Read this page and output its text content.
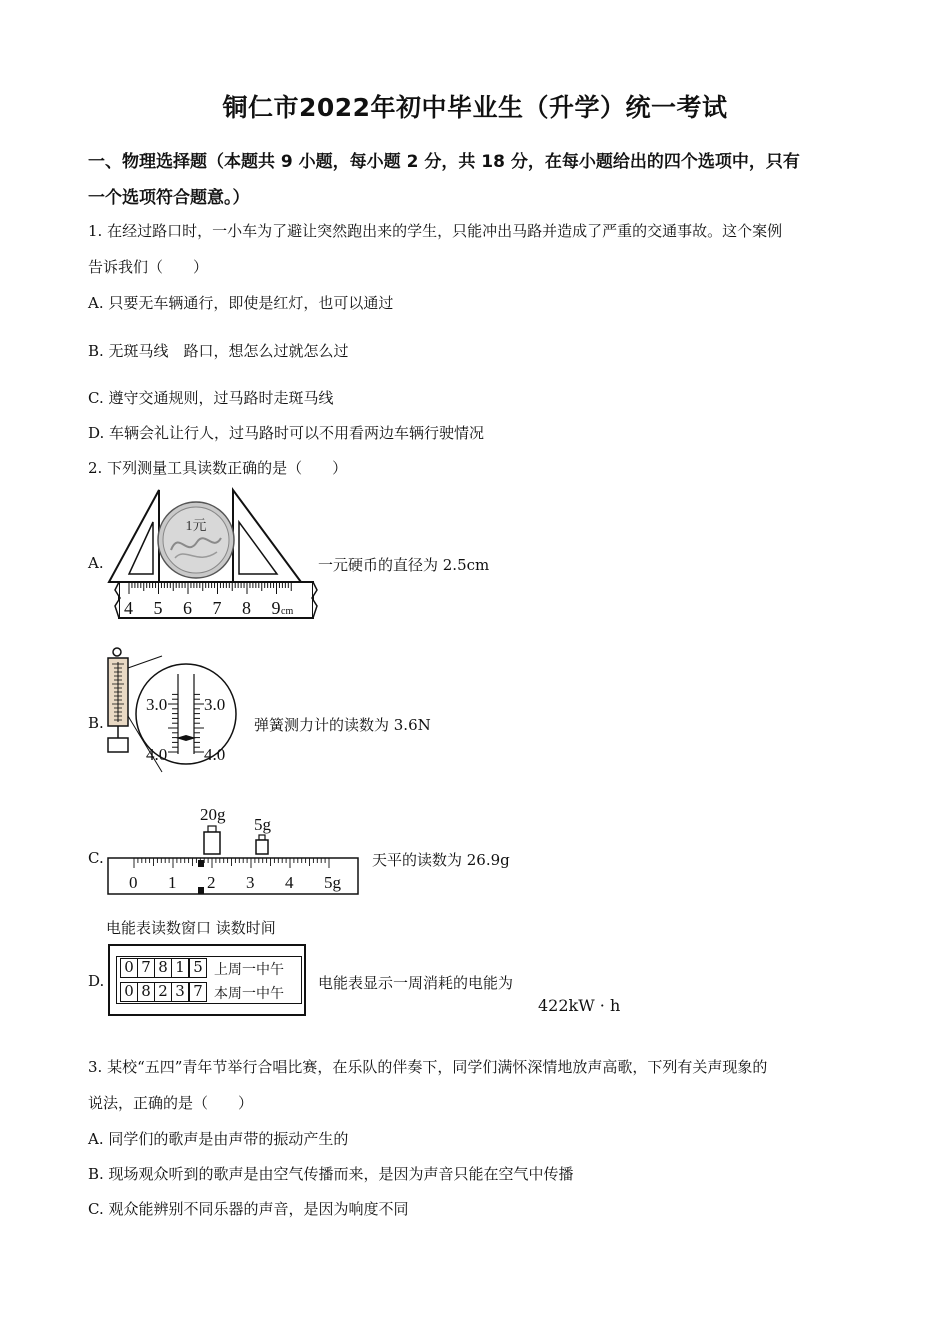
铜仁市2022年初中毕业生（升学）统一考试
一、物理选择题（本题共 9 小题，每小题 2 分，共 18 分，在每小题给出的四个选项中，只有
一个选项符合题意。）
1. 在经过路口时，一小车为了避让突然跑出来的学生，只能冲出马路并造成了严重的交通事故。这个案例
告诉我们（　　）
A. 只要无车辆通行，即使是红灯，也可以通过
B. 无斑马线　路口，想怎么过就怎么过
C. 遵守交通规则，过马路时走斑马线
D. 车辆会礼让行人，过马路时可以不用看两边车辆行驶情况
2. 下列测量工具读数正确的是（　　）
A.
1元
4 5 6 7 8 9 cm
一元硬币的直径为 2.5cm
B.
3.0 3.0
4.0 4.0
弹簧测力计的读数为 3.6N
C.
20g
5g
0 1 2 3 4 5g
天平的读数为 26.9g
电能表读数窗口 读数时间
D.
0 7 8 1 5 上周一中午
0 8 2 3 7 本周一中午
电能表显示一周消耗的电能为
422kW · h
3. 某校“五四”青年节举行合唱比赛，在乐队的伴奏下，同学们满怀深情地放声高歌，下列有关声现象的
说法，正确的是（　　）
A. 同学们的歌声是由声带的振动产生的
B. 现场观众听到的歌声是由空气传播而来，是因为声音只能在空气中传播
C. 观众能辨别不同乐器的声音，是因为响度不同
